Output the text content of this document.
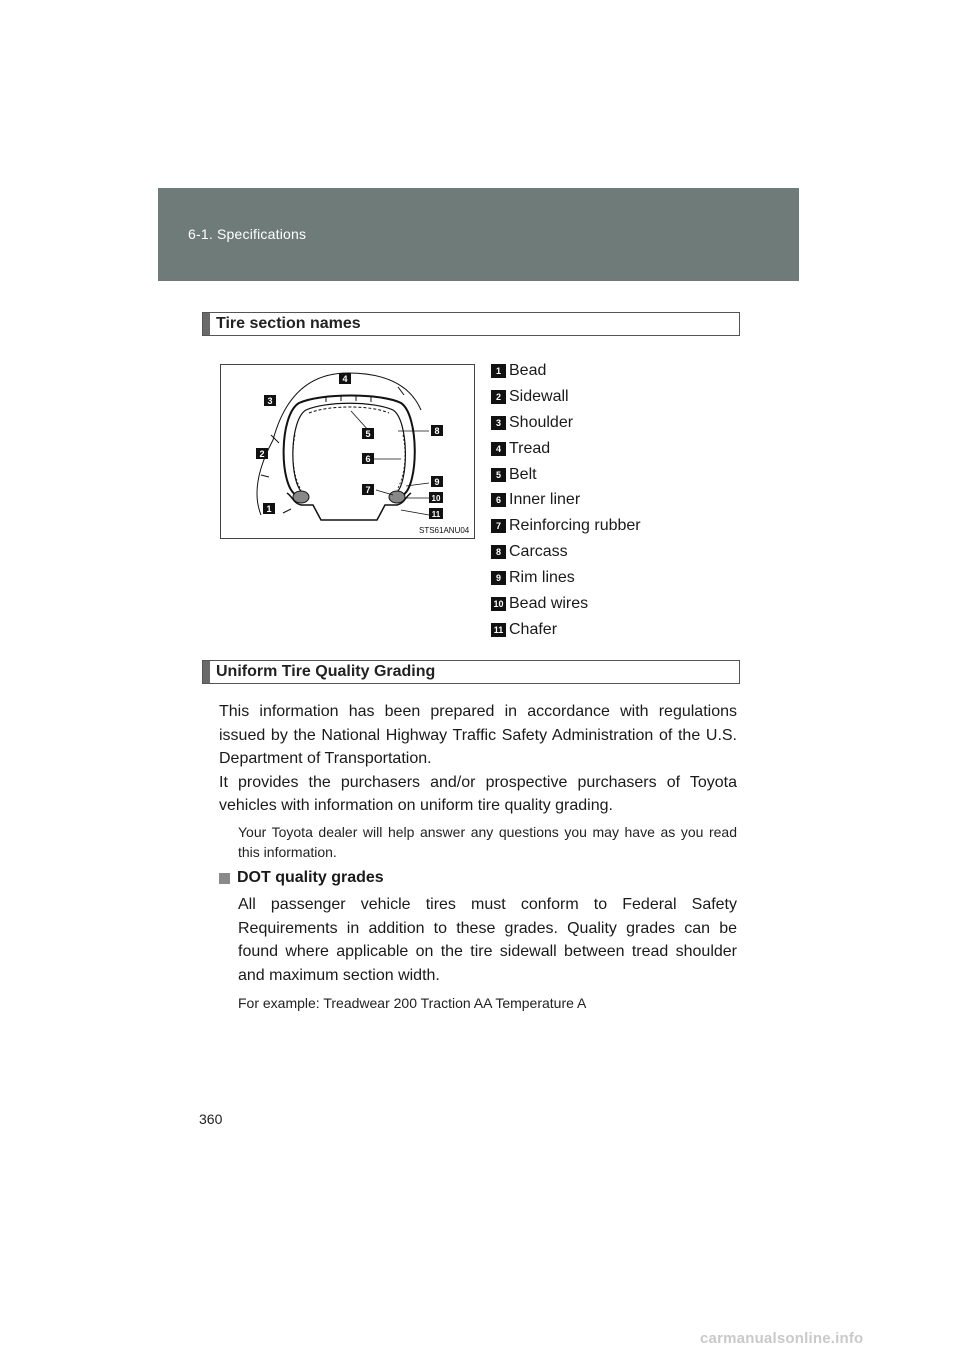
6-1. Specifications
Tire section names
1
2
3
4
5
6
7
8
9
10
11
STS61ANU04
1 Bead
2 Sidewall
3 Shoulder
4 Tread
5 Belt
6 Inner liner
7 Reinforcing rubber
8 Carcass
9 Rim lines
10 Bead wires
11 Chafer
Uniform Tire Quality Grading

This information has been prepared in accordance with regulations issued by the National Highway Traffic Safety Administration of the U.S. Department of Transportation.

It provides the purchasers and/or prospective purchasers of Toyota vehicles with information on uniform tire quality grading.

Your Toyota dealer will help answer any questions you may have as you read this information.
DOT quality grades
All passenger vehicle tires must conform to Federal Safety Requirements in addition to these grades. Quality grades can be found where applicable on the tire sidewall between tread shoulder and maximum section width.
For example: Treadwear 200 Traction AA Temperature A
360
carmanualsonline.info
